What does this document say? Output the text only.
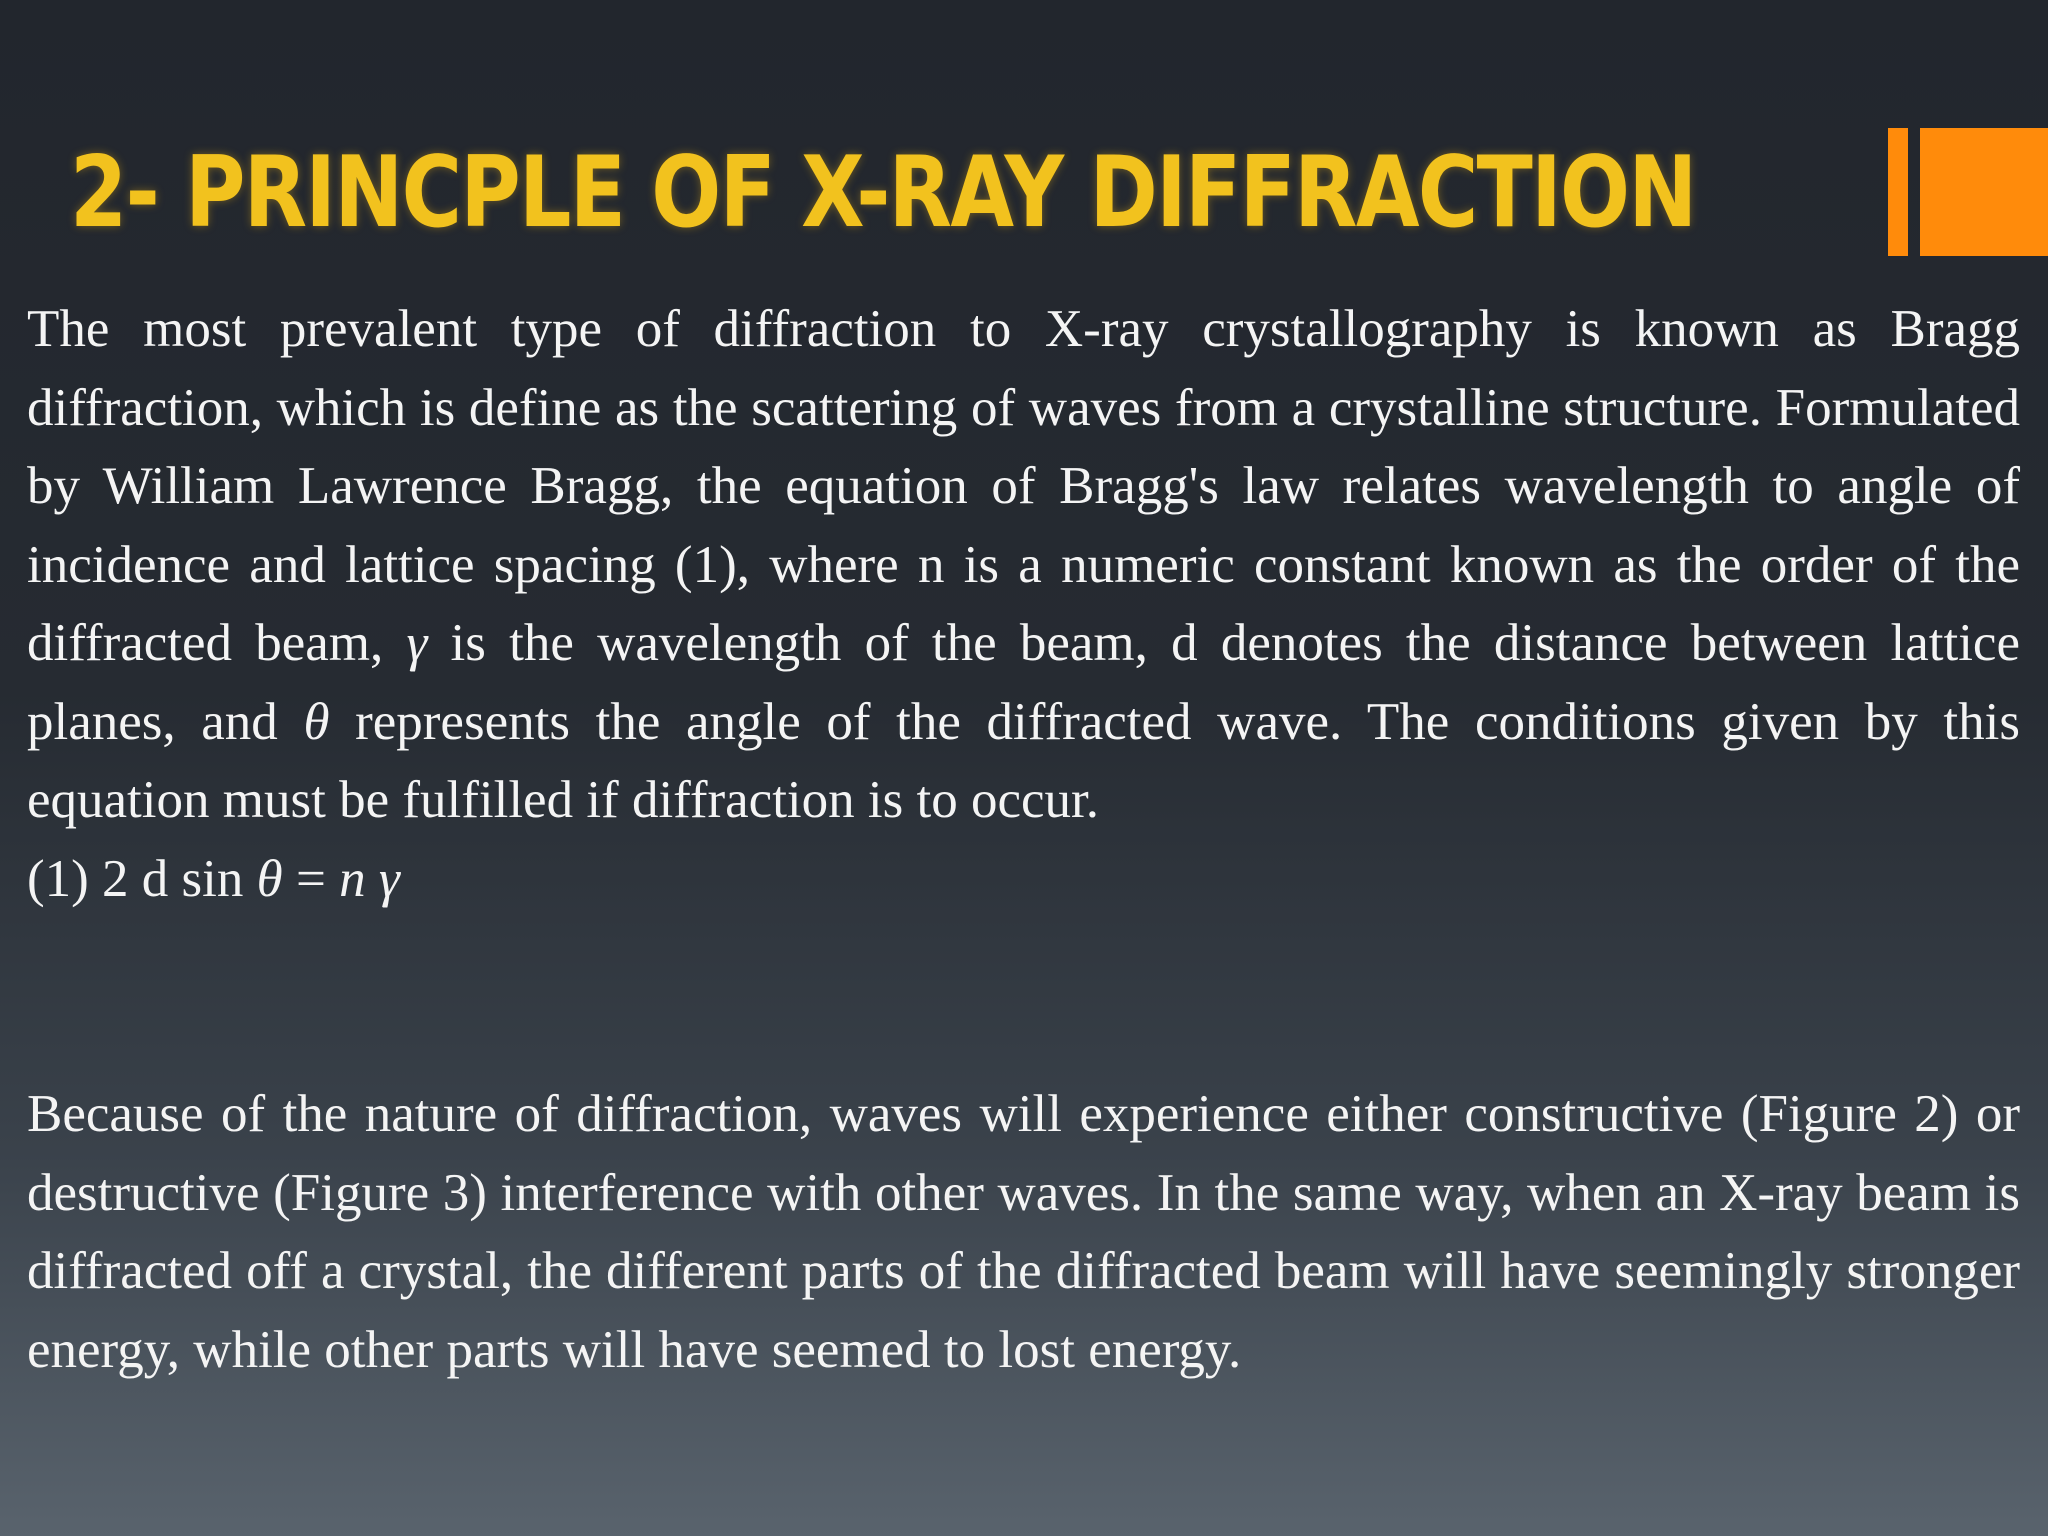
2- PRINCPLE OF X-RAY DIFFRACTION

The most prevalent type of diffraction to X-ray crystallography is known as Bragg diffraction, which is define as the scattering of waves from a crystalline structure. Formulated by William Lawrence Bragg, the equation of Bragg's law relates wavelength to angle of incidence and lattice spacing (1), where n is a numeric constant known as the order of the diffracted beam, γ is the wavelength of the beam, d denotes the distance between lattice planes, and θ represents the angle of the diffracted wave. The conditions given by this equation must be fulfilled if diffraction is to occur.

(1) 2 d sin θ = n γ

Because of the nature of diffraction, waves will experience either constructive (Figure 2) or destructive (Figure 3) interference with other waves. In the same way, when an X-ray beam is diffracted off a crystal, the different parts of the diffracted beam will have seemingly stronger energy, while other parts will have seemed to lost energy.
